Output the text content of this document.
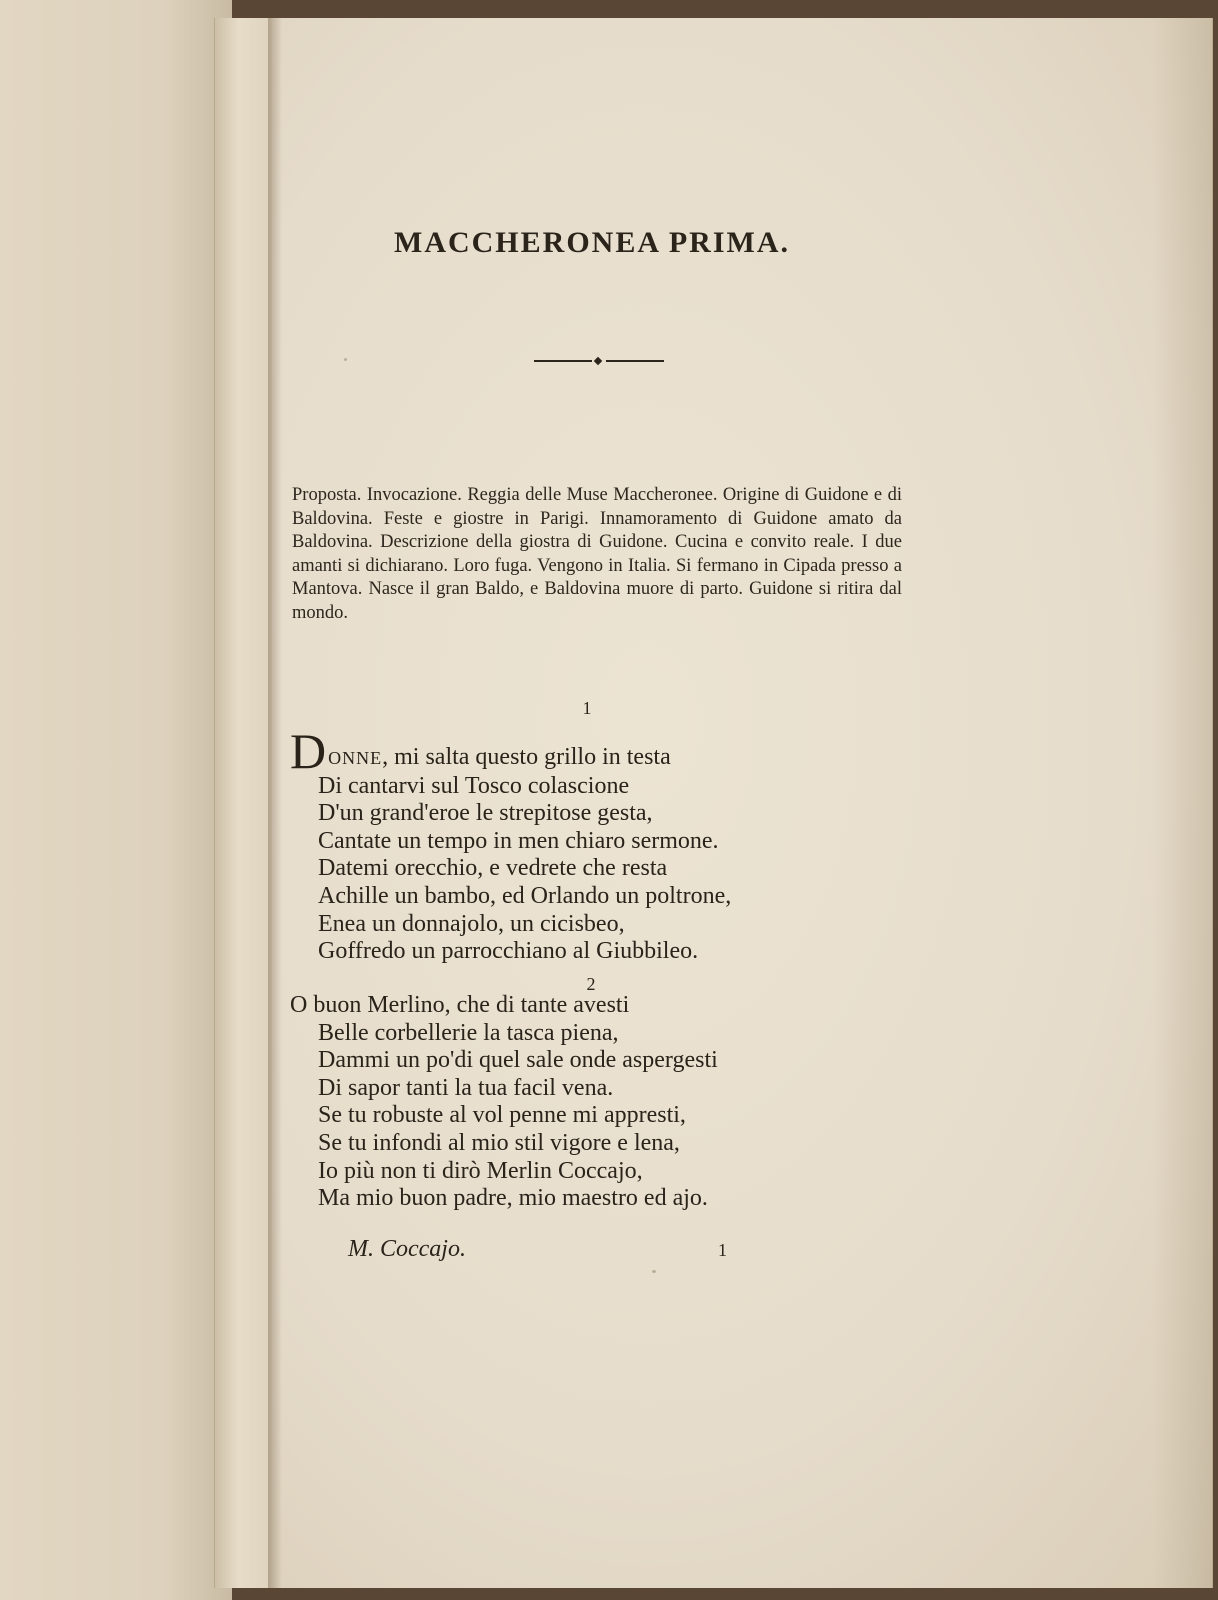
MACCHERONEA PRIMA.
Proposta. Invocazione. Reggia delle Muse Maccheronee. Origine di Guidone e di Baldovina. Feste e giostre in Parigi. Innamoramento di Guidone amato da Baldovina. Descrizione della giostra di Guidone. Cucina e convito reale. I due amanti si dichiarano. Loro fuga. Vengono in Italia. Si fermano in Cipada presso a Mantova. Nasce il gran Baldo, e Baldovina muore di parto. Guidone si ritira dal mondo.
1
DONNE, mi salta questo grillo in testa
Di cantarvi sul Tosco colascione
D'un grand'eroe le strepitose gesta,
Cantate un tempo in men chiaro sermone.
Datemi orecchio, e vedrete che resta
Achille un bambo, ed Orlando un poltrone,
Enea un donnajolo, un cicisbeo,
Goffredo un parrocchiano al Giubbileo.
2
O buon Merlino, che di tante avesti
Belle corbellerie la tasca piena,
Dammi un po'di quel sale onde aspergesti
Di sapor tanti la tua facil vena.
Se tu robuste al vol penne mi appresti,
Se tu infondi al mio stil vigore e lena,
Io più non ti dirò Merlin Coccajo,
Ma mio buon padre, mio maestro ed ajo.
M. Coccajo.	1
